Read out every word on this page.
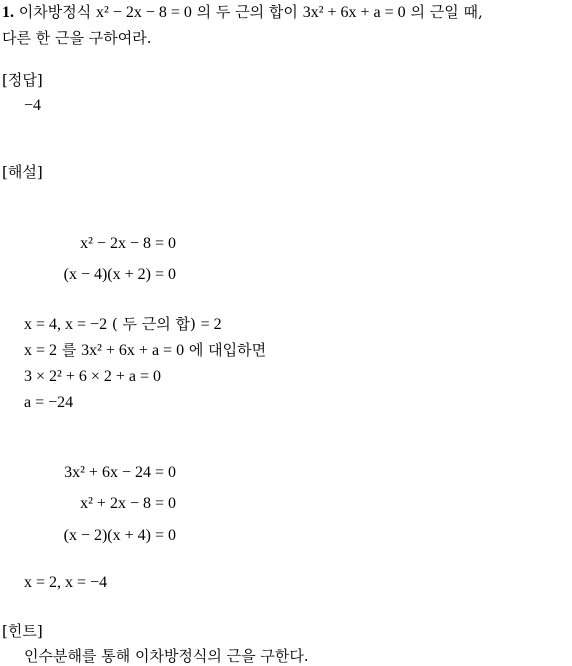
1. 이차방정식 x² − 2x − 8 = 0 의 두 근의 합이 3x² + 6x + a = 0 의 근일 때,
다른 한 근을 구하여라.
[정답]
−4
[해설]
x² − 2x − 8 = 0
(x − 4)(x + 2) = 0
x = 4, x = −2 ( 두 근의 합) = 2
x = 2 를 3x² + 6x + a = 0 에 대입하면
3 × 2² + 6 × 2 + a = 0
a = −24
3x² + 6x − 24 = 0
x² + 2x − 8 = 0
(x − 2)(x + 4) = 0
x = 2, x = −4
[힌트]
인수분해를 통해 이차방정식의 근을 구한다.
